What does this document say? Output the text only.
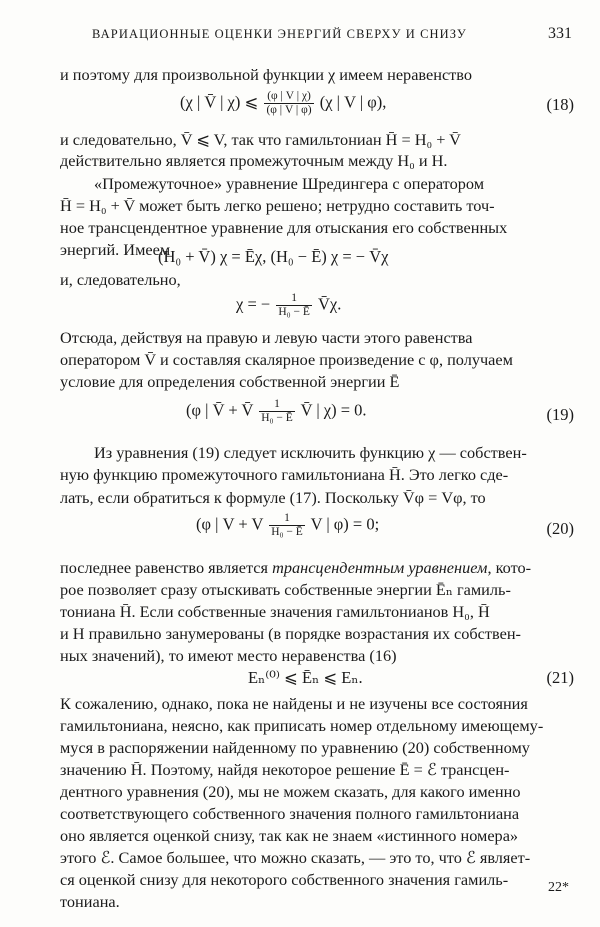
ВАРИАЦИОННЫЕ ОЦЕНКИ ЭНЕРГИЙ СВЕРХУ И СНИЗУ	331
и поэтому для произвольной функции χ имеем неравенство
(χ | V̄ | χ) ⩽ $\frac{(\varphi | V | \chi)}{(\varphi | V | \varphi)} (\chi$ | V | φ),	(18)
и следовательно, V̄ ⩽ V, так что гамильтониан H̄ = H₀ + V̄
действительно является промежуточным между H₀ и H.
«Промежуточное» уравнение Шредингера с оператором
H̄ = H₀ + V̄ может быть легко решено; нетрудно составить точ-
ное трансцендентное уравнение для отыскания его собственных
энергий. Имеем
(H₀ + V̄) χ = Ēχ, (H₀ − Ē) χ = − V̄χ
и, следовательно,
χ = − $\frac{1}{\text{H₀ − Ē}}$ V̄χ.
Отсюда, действуя на правую и левую части этого равенства
оператором V̄ и составляя скалярное произведение с φ, получаем
условие для определения собственной энергии Ē
(φ | V̄ + V̄ $\frac{1}{\text{H₀ − Ē}}$ V̄ | χ) = 0.	(19)
Из уравнения (19) следует исключить функцию χ — собствен-
ную функцию промежуточного гамильтониана H̄. Это легко сде-
лать, если обратиться к формуле (17). Поскольку V̄φ = Vφ, то
(φ | V + V $\frac{1}{\text{H₀ − Ē}}$ V | φ) = 0;	(20)
последнее равенство является трансцендентным уравнением, кото-
рое позволяет сразу отыскивать собственные энергии Ēₙ гамиль-
тониана H̄. Если собственные значения гамильтонианов H₀, H̄
и H правильно занумерованы (в порядке возрастания их собствен-
ных значений), то имеют место неравенства (16)
Eₙ⁽⁰⁾ ⩽ Ēₙ ⩽ Eₙ.	(21)
К сожалению, однако, пока не найдены и не изучены все состояния
гамильтониана, неясно, как приписать номер отдельному имеющему-
муся в распоряжении найденному по уравнению (20) собственному
значению H̄. Поэтому, найдя некоторое решение Ē = ℰ трансцен-
дентного уравнения (20), мы не можем сказать, для какого именно
соответствующего собственного значения полного гамильтониана
оно является оценкой снизу, так как не знаем «истинного номера»
этого ℰ. Самое большее, что можно сказать, — это то, что ℰ являет-
ся оценкой снизу для некоторого собственного значения гамиль-
тониана.
22*
